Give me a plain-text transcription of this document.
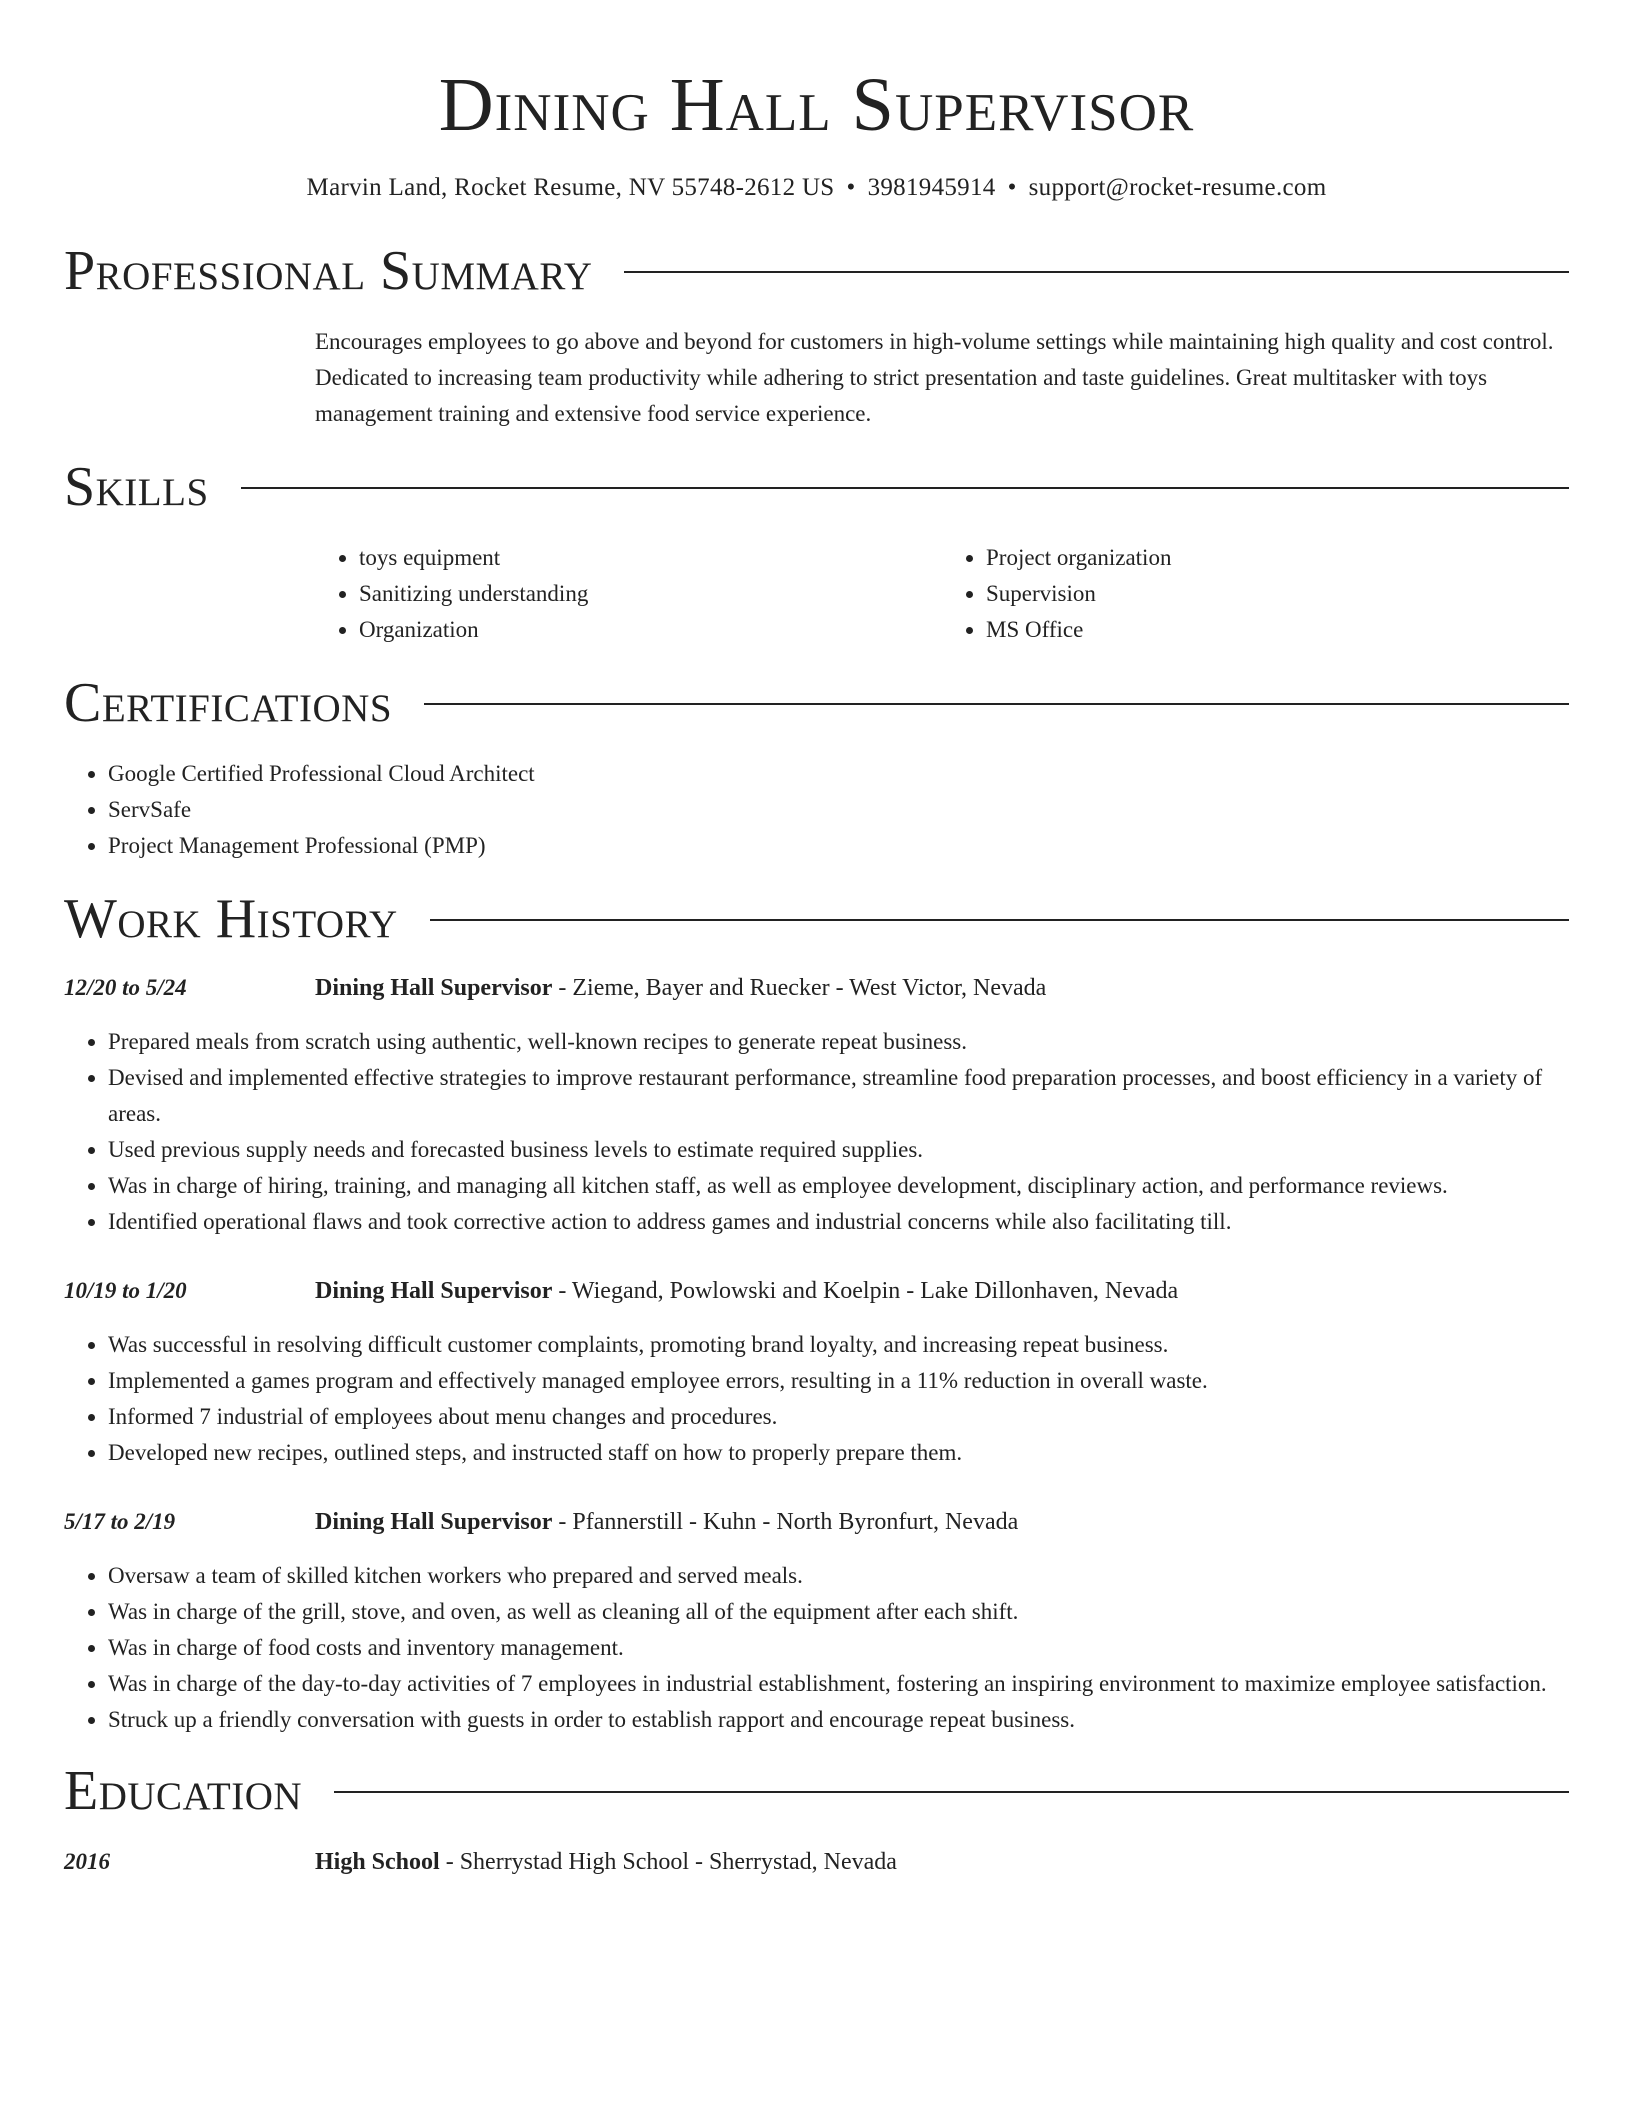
Dining Hall Supervisor
Marvin Land, Rocket Resume, NV 55748-2612 US • 3981945914 • support@rocket-resume.com
Professional Summary
Encourages employees to go above and beyond for customers in high-volume settings while maintaining high quality and cost control. Dedicated to increasing team productivity while adhering to strict presentation and taste guidelines. Great multitasker with toys management training and extensive food service experience.
Skills
• toys equipment
• Sanitizing understanding
• Organization
• Project organization
• Supervision
• MS Office
Certifications
• Google Certified Professional Cloud Architect
• ServSafe
• Project Management Professional (PMP)
Work History
12/20 to 5/24	Dining Hall Supervisor - Zieme, Bayer and Ruecker - West Victor, Nevada
• Prepared meals from scratch using authentic, well-known recipes to generate repeat business.
• Devised and implemented effective strategies to improve restaurant performance, streamline food preparation processes, and boost efficiency in a variety of areas.
• Used previous supply needs and forecasted business levels to estimate required supplies.
• Was in charge of hiring, training, and managing all kitchen staff, as well as employee development, disciplinary action, and performance reviews.
• Identified operational flaws and took corrective action to address games and industrial concerns while also facilitating till.
10/19 to 1/20	Dining Hall Supervisor - Wiegand, Powlowski and Koelpin - Lake Dillonhaven, Nevada
• Was successful in resolving difficult customer complaints, promoting brand loyalty, and increasing repeat business.
• Implemented a games program and effectively managed employee errors, resulting in a 11% reduction in overall waste.
• Informed 7 industrial of employees about menu changes and procedures.
• Developed new recipes, outlined steps, and instructed staff on how to properly prepare them.
5/17 to 2/19	Dining Hall Supervisor - Pfannerstill - Kuhn - North Byronfurt, Nevada
• Oversaw a team of skilled kitchen workers who prepared and served meals.
• Was in charge of the grill, stove, and oven, as well as cleaning all of the equipment after each shift.
• Was in charge of food costs and inventory management.
• Was in charge of the day-to-day activities of 7 employees in industrial establishment, fostering an inspiring environment to maximize employee satisfaction.
• Struck up a friendly conversation with guests in order to establish rapport and encourage repeat business.
Education
2016	High School - Sherrystad High School - Sherrystad, Nevada
